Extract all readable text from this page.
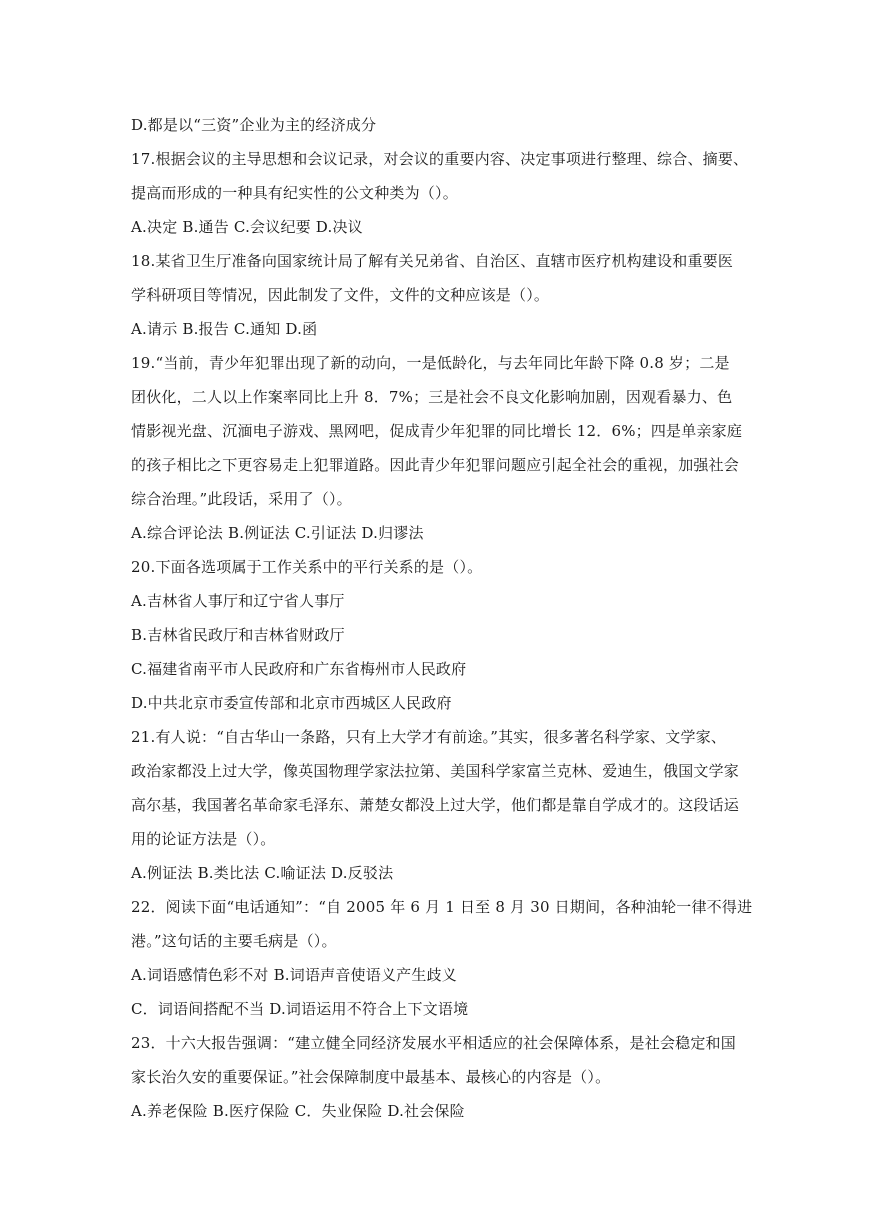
D.都是以“三资”企业为主的经济成分
17.根据会议的主导思想和会议记录，对会议的重要内容、决定事项进行整理、综合、摘要、
提高而形成的一种具有纪实性的公文种类为（）。
A.决定 B.通告 C.会议纪要 D.决议
18.某省卫生厅准备向国家统计局了解有关兄弟省、自治区、直辖市医疗机构建设和重要医
学科研项目等情况，因此制发了文件，文件的文种应该是（）。
A.请示 B.报告 C.通知 D.函
19.“当前，青少年犯罪出现了新的动向，一是低龄化，与去年同比年龄下降 0.8 岁；二是
团伙化，二人以上作案率同比上升 8．7%；三是社会不良文化影响加剧，因观看暴力、色
情影视光盘、沉湎电子游戏、黑网吧，促成青少年犯罪的同比增长 12．6%；四是单亲家庭
的孩子相比之下更容易走上犯罪道路。因此青少年犯罪问题应引起全社会的重视，加强社会
综合治理。”此段话，采用了（）。
A.综合评论法 B.例证法 C.引证法 D.归谬法
20.下面各选项属于工作关系中的平行关系的是（）。
A.吉林省人事厅和辽宁省人事厅
B.吉林省民政厅和吉林省财政厅
C.福建省南平市人民政府和广东省梅州市人民政府
D.中共北京市委宣传部和北京市西城区人民政府
21.有人说：“自古华山一条路，只有上大学才有前途。”其实，很多著名科学家、文学家、
政治家都没上过大学，像英国物理学家法拉第、美国科学家富兰克林、爱迪生，俄国文学家
高尔基，我国著名革命家毛泽东、萧楚女都没上过大学，他们都是靠自学成才的。这段话运
用的论证方法是（）。
A.例证法 B.类比法 C.喻证法 D.反驳法
22．阅读下面“电话通知”：“自 2005 年 6 月 1 日至 8 月 30 日期间，各种油轮一律不得进
港。”这句话的主要毛病是（）。
A.词语感情色彩不对 B.词语声音使语义产生歧义
C．词语间搭配不当 D.词语运用不符合上下文语境
23．十六大报告强调：“建立健全同经济发展水平相适应的社会保障体系，是社会稳定和国
家长治久安的重要保证。”社会保障制度中最基本、最核心的内容是（）。
A.养老保险 B.医疗保险 C．失业保险 D.社会保险
